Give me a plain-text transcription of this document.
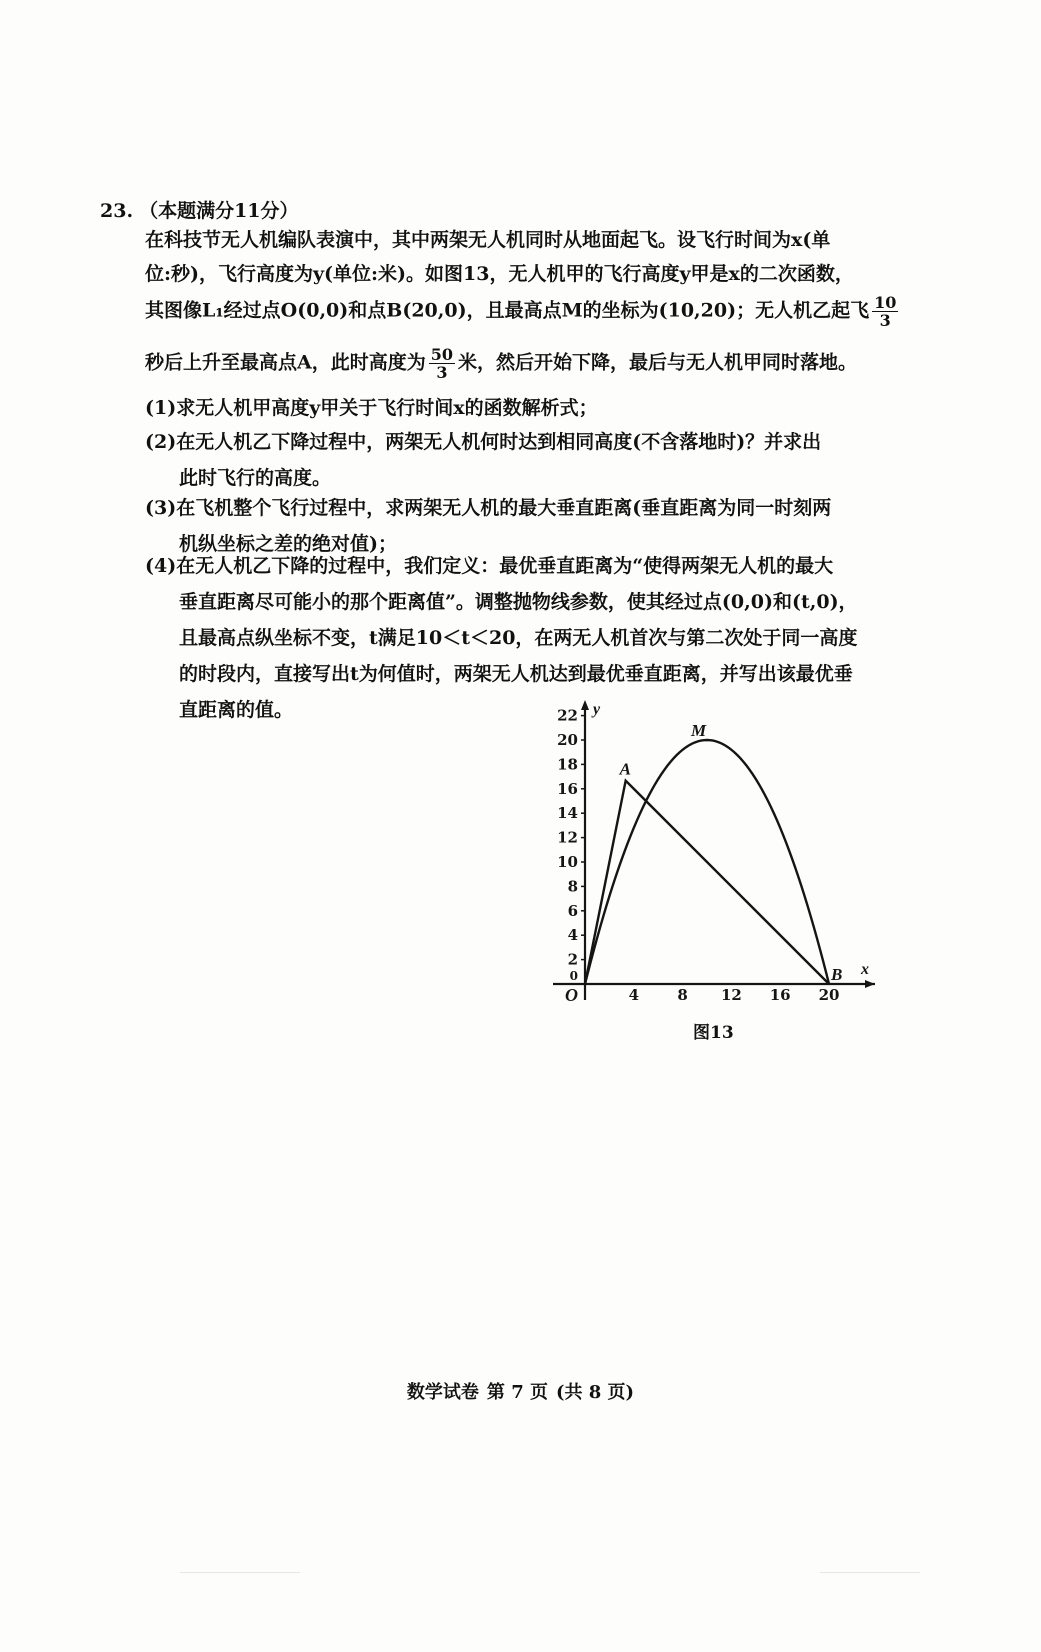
23. （本题满分11分）
在科技节无人机编队表演中，其中两架无人机同时从地面起飞。设飞行时间为x(单
位:秒)，飞行高度为y(单位:米)。如图13，无人机甲的飞行高度y甲是x的二次函数，
其图像L₁经过点O(0,0)和点B(20,0)，且最高点M的坐标为(10,20)；无人机乙起飞 $\frac{10}{3}$
秒后上升至最高点A，此时高度为 $\frac{50}{3}$ 米，然后开始下降，最后与无人机甲同时落地。
(1)求无人机甲高度y甲关于飞行时间x的函数解析式；
(2)在无人机乙下降过程中，两架无人机何时达到相同高度(不含落地时)？并求出
此时飞行的高度。
(3)在飞机整个飞行过程中，求两架无人机的最大垂直距离(垂直距离为同一时刻两
机纵坐标之差的绝对值)；
(4)在无人机乙下降的过程中，我们定义：最优垂直距离为“使得两架无人机的最大
垂直距离尽可能小的那个距离值”。调整抛物线参数，使其经过点(0,0)和(t,0)，
且最高点纵坐标不变，t满足10＜t＜20，在两无人机首次与第二次处于同一高度
的时段内，直接写出t为何值时，两架无人机达到最优垂直距离，并写出该最优垂
直距离的值。
2
4
6
8
10
12
14
16
18
20
22
0
4	8 12 16 20
y
x
O
A
M
B
图13
数学试卷 第 7 页 (共 8 页)
